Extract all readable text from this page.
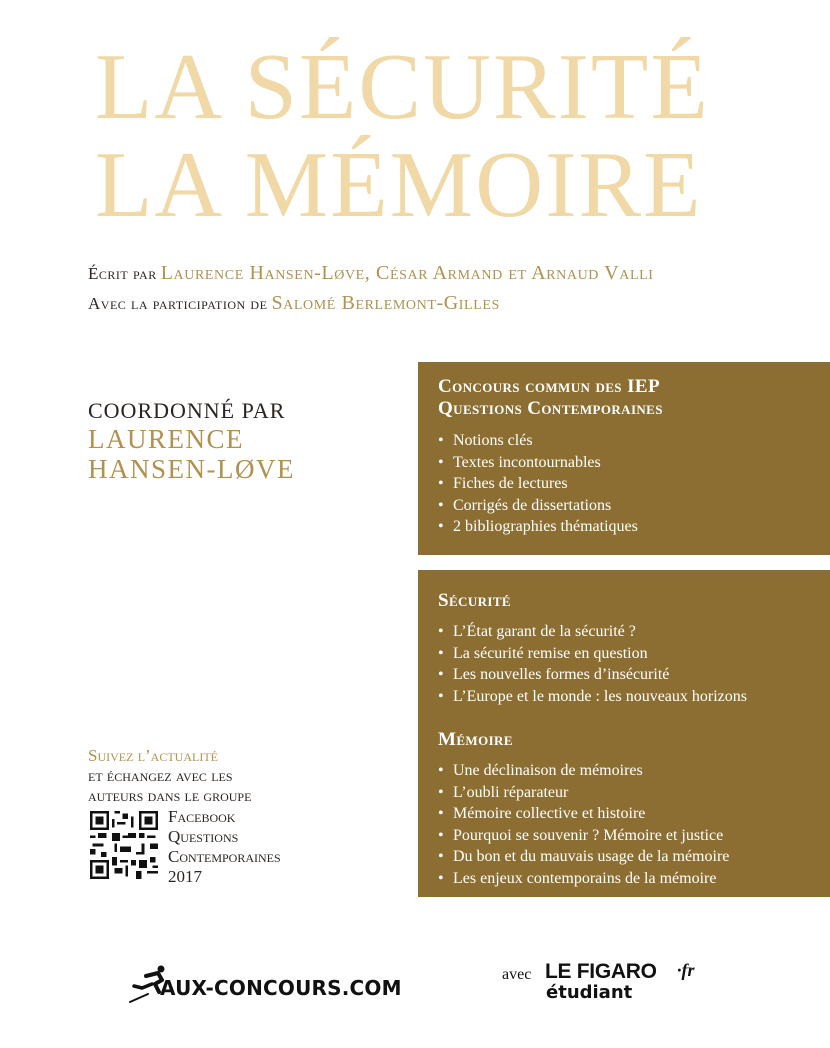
LA SÉCURITÉ
LA MÉMOIRE
Écrit par Laurence Hansen-Løve, César Armand et Arnaud Valli
Avec la participation de Salomé Berlemont-Gilles
COORDONNÉ PAR
LAURENCE
HANSEN-LØVE
Concours commun des IEP
Questions Contemporaines
• Notions clés
• Textes incontournables
• Fiches de lectures
• Corrigés de dissertations
• 2 bibliographies thématiques
Sécurité
• L’État garant de la sécurité ?
• La sécurité remise en question
• Les nouvelles formes d’insécurité
• L’Europe et le monde : les nouveaux horizons
Mémoire
• Une déclinaison de mémoires
• L’oubli réparateur
• Mémoire collective et histoire
• Pourquoi se souvenir ? Mémoire et justice
• Du bon et du mauvais usage de la mémoire
• Les enjeux contemporains de la mémoire
Suivez l’actualité
et échangez avec les
auteurs dans le groupe
Facebook
Questions
Contemporaines
2017
AUX-CONCOURS.COM
avec LE FIGARO ·fr
étudiant
